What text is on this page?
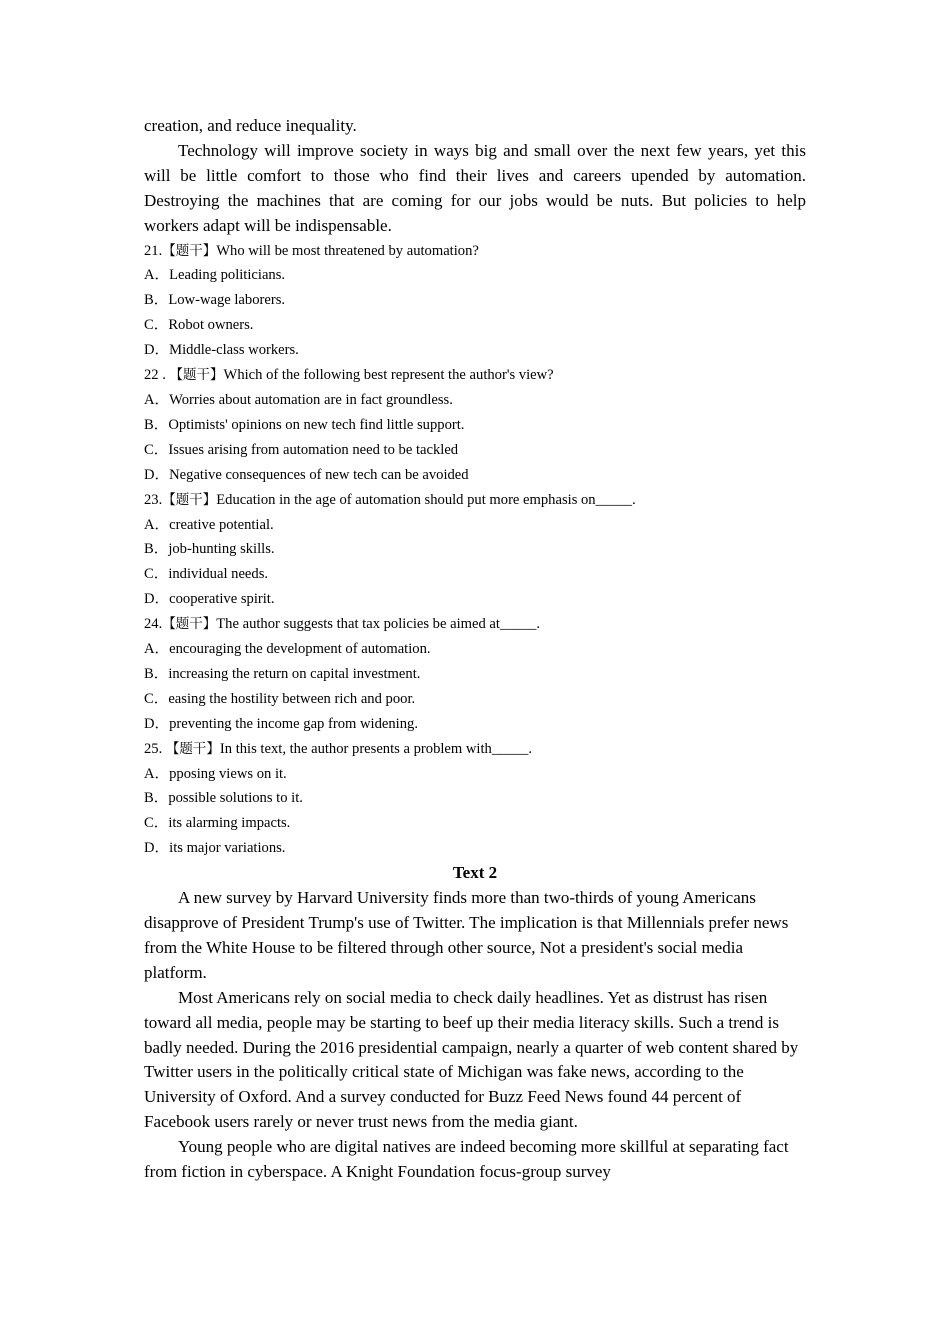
creation, and reduce inequality.

Technology will improve society in ways big and small over the next few years, yet this will be little comfort to those who find their lives and careers upended by automation. Destroying the machines that are coming for our jobs would be nuts. But policies to help workers adapt will be indispensable.

21.【题干】Who will be most threatened by automation?

A．Leading politicians.

B．Low-wage laborers.

C．Robot owners.

D．Middle-class workers.

22 . 【题干】Which of the following best represent the author's view?

A．Worries about automation are in fact groundless.

B．Optimists' opinions on new tech find little support.

C．Issues arising from automation need to be tackled

D．Negative consequences of new tech can be avoided

23.【题干】Education in the age of automation should put more emphasis on_____.

A．creative potential.

B．job-hunting skills.

C．individual needs.

D．cooperative spirit.

24.【题干】The author suggests that tax policies be aimed at_____.

A．encouraging the development of automation.

B．increasing the return on capital investment.

C．easing the hostility between rich and poor.

D．preventing the income gap from widening.

25. 【题干】In this text, the author presents a problem with_____.

A．pposing views on it.

B．possible solutions to it.

C．its alarming impacts.

D．its major variations.

Text 2

A new survey by Harvard University finds more than two-thirds of young Americans disapprove of President Trump's use of Twitter. The implication is that Millennials prefer news from the White House to be filtered through other source, Not a president's social media platform.

Most Americans rely on social media to check daily headlines. Yet as distrust has risen toward all media, people may be starting to beef up their media literacy skills. Such a trend is badly needed. During the 2016 presidential campaign, nearly a quarter of web content shared by Twitter users in the politically critical state of Michigan was fake news, according to the University of Oxford. And a survey conducted for Buzz Feed News found 44 percent of Facebook users rarely or never trust news from the media giant.

Young people who are digital natives are indeed becoming more skillful at separating fact from fiction in cyberspace. A Knight Foundation focus-group survey
